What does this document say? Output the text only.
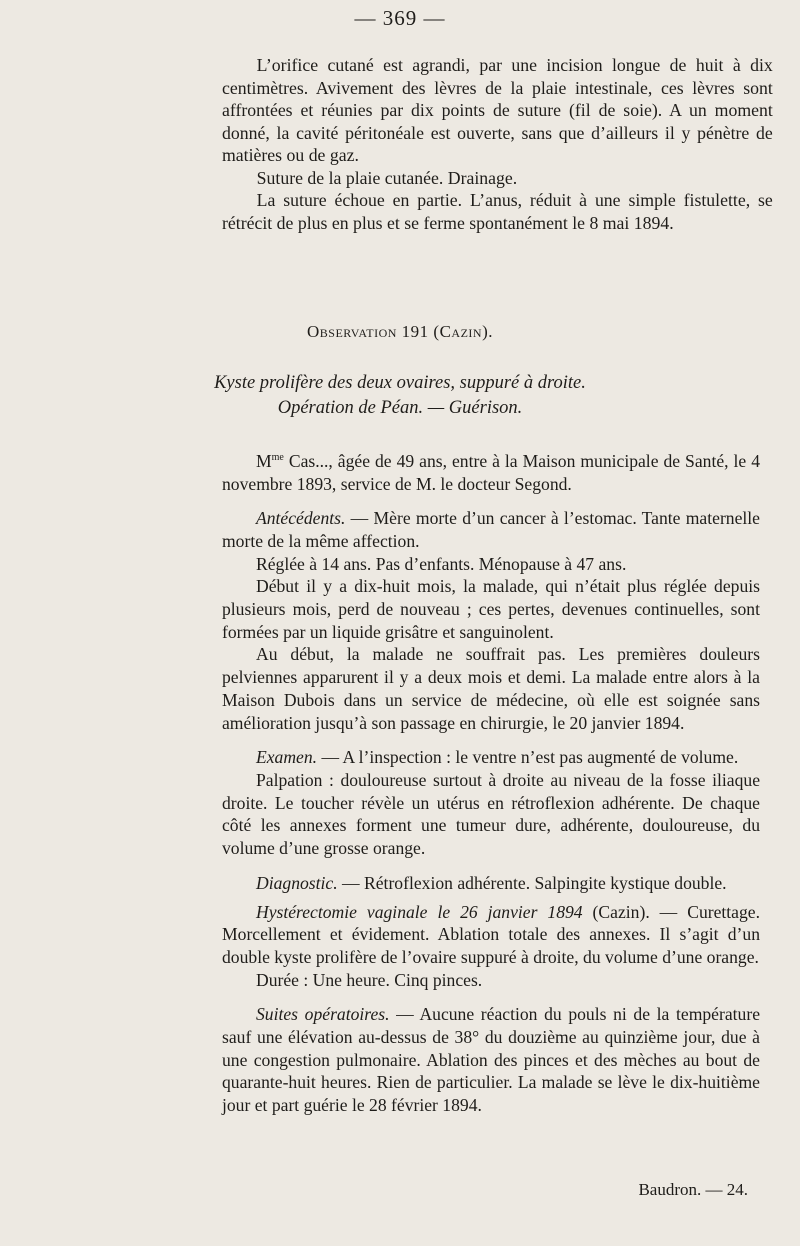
— 369 —

L’orifice cutané est agrandi, par une incision longue de huit à dix centimètres. Avivement des lèvres de la plaie intestinale, ces lèvres sont affrontées et réunies par dix points de suture (fil de soie). A un moment donné, la cavité péritonéale est ouverte, sans que d’ailleurs il y pénètre de matières ou de gaz.

Suture de la plaie cutanée. Drainage.

La suture échoue en partie. L’anus, réduit à une simple fistulette, se rétrécit de plus en plus et se ferme spontanément le 8 mai 1894.

Observation 191 (Cazin).
Kyste prolifère des deux ovaires, suppuré à droite.
Opération de Péan. — Guérison.

$M^{me}$ Cas..., âgée de 49 ans, entre à la Maison municipale de Santé, le 4 novembre 1893, service de M. le docteur Segond.

Antécédents. — Mère morte d’un cancer à l’estomac. Tante maternelle morte de la même affection.

Réglée à 14 ans. Pas d’enfants. Ménopause à 47 ans.

Début il y a dix-huit mois, la malade, qui n’était plus réglée depuis plusieurs mois, perd de nouveau ; ces pertes, devenues continuelles, sont formées par un liquide grisâtre et sanguinolent.

Au début, la malade ne souffrait pas. Les premières douleurs pelviennes apparurent il y a deux mois et demi. La malade entre alors à la Maison Dubois dans un service de médecine, où elle est soignée sans amélioration jusqu’à son passage en chirurgie, le 20 janvier 1894.

Examen. — A l’inspection : le ventre n’est pas augmenté de volume.

Palpation : douloureuse surtout à droite au niveau de la fosse iliaque droite. Le toucher révèle un utérus en rétroflexion adhérente. De chaque côté les annexes forment une tumeur dure, adhérente, douloureuse, du volume d’une grosse orange.

Diagnostic. — Rétroflexion adhérente. Salpingite kystique double.

Hystérectomie vaginale le 26 janvier 1894 (Cazin). — Curettage. Morcellement et évidement. Ablation totale des annexes. Il s’agit d’un double kyste prolifère de l’ovaire suppuré à droite, du volume d’une orange.

Durée : Une heure. Cinq pinces.

Suites opératoires. — Aucune réaction du pouls ni de la température sauf une élévation au-dessus de 38° du douzième au quinzième jour, due à une congestion pulmonaire. Ablation des pinces et des mèches au bout de quarante-huit heures. Rien de particulier. La malade se lève le dix-huitième jour et part guérie le 28 février 1894.

Baudron. — 24.
